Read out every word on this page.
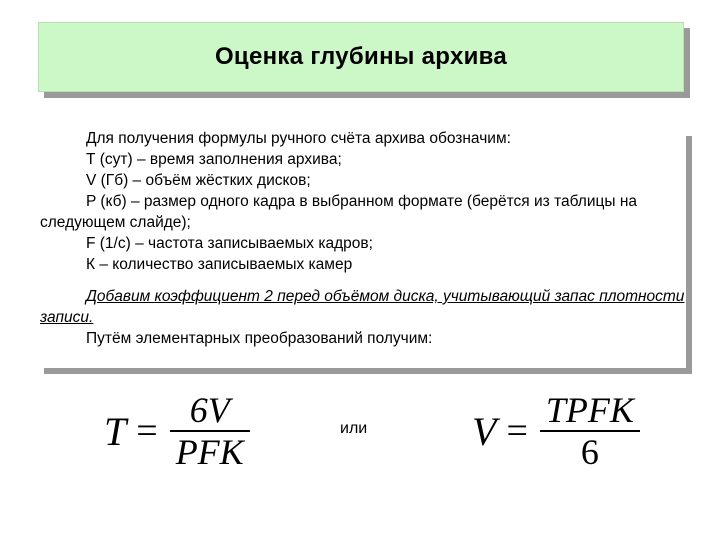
Оценка глубины архива

Для получения формулы ручного счёта архива обозначим:

Т (сут) – время заполнения архива;

V (Гб) – объём жёстких дисков;

P (кб) – размер одного кадра в выбранном формате (берётся из таблицы на следующем слайде);

F (1/c) – частота записываемых кадров;

К – количество записываемых камер

Добавим коэффициент 2 перед объёмом диска, учитывающий запас плотности записи.

Путём элементарных преобразований получим:

$T = \frac{6V}{\text{PFK}}$	или	$V = \frac{\text{TPFK}}{6}$
